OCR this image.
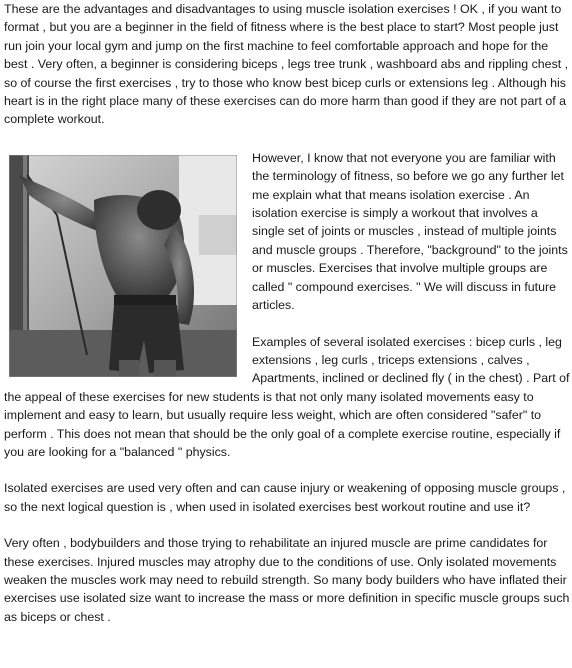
These are the advantages and disadvantages to using muscle isolation exercises ! OK , if you want to format , but you are a beginner in the field of fitness where is the best place to start? Most people just run join your local gym and jump on the first machine to feel comfortable approach and hope for the best . Very often, a beginner is considering biceps , legs tree trunk , washboard abs and rippling chest , so of course the first exercises , try to those who know best bicep curls or extensions leg . Although his heart is in the right place many of these exercises can do more harm than good if they are not part of a complete workout.

However, I know that not everyone you are familiar with the terminology of fitness, so before we go any further let me explain what that means isolation exercise . An isolation exercise is simply a workout that involves a single set of joints or muscles , instead of multiple joints and muscle groups . Therefore, "background" to the joints or muscles. Exercises that involve multiple groups are called " compound exercises. " We will discuss in future articles.

Examples of several isolated exercises : bicep curls , leg extensions , leg curls , triceps extensions , calves , Apartments, inclined or declined fly ( in the chest) . Part of the appeal of these exercises for new students is that not only many isolated movements easy to implement and easy to learn, but usually require less weight, which are often considered "safer" to perform . This does not mean that should be the only goal of a complete exercise routine, especially if you are looking for a "balanced " physics.

Isolated exercises are used very often and can cause injury or weakening of opposing muscle groups , so the next logical question is , when used in isolated exercises best workout routine and use it?

Very often , bodybuilders and those trying to rehabilitate an injured muscle are prime candidates for these exercises. Injured muscles may atrophy due to the conditions of use. Only isolated movements weaken the muscles work may need to rebuild strength. So many body builders who have inflated their exercises use isolated size want to increase the mass or more definition in specific muscle groups such as biceps or chest .
